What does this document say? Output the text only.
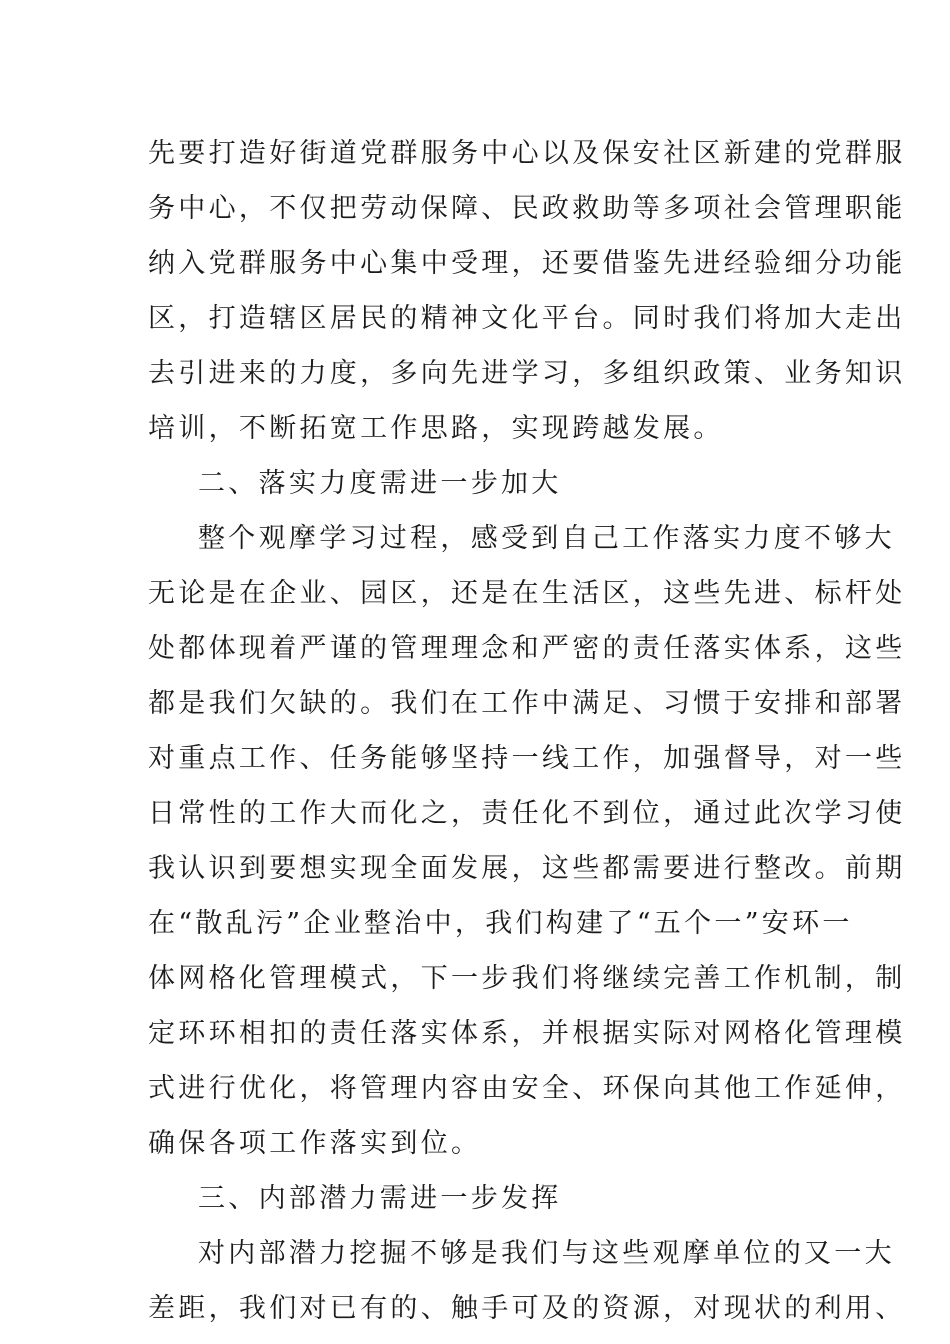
先要打造好街道党群服务中心以及保安社区新建的党群服
务中心，不仅把劳动保障、民政救助等多项社会管理职能
纳入党群服务中心集中受理，还要借鉴先进经验细分功能
区，打造辖区居民的精神文化平台。同时我们将加大走出
去引进来的力度，多向先进学习，多组织政策、业务知识
培训，不断拓宽工作思路，实现跨越发展。
二、落实力度需进一步加大
整个观摩学习过程，感受到自己工作落实力度不够大
无论是在企业、园区，还是在生活区，这些先进、标杆处
处都体现着严谨的管理理念和严密的责任落实体系，这些
都是我们欠缺的。我们在工作中满足、习惯于安排和部署
对重点工作、任务能够坚持一线工作，加强督导，对一些
日常性的工作大而化之，责任化不到位，通过此次学习使
我认识到要想实现全面发展，这些都需要进行整改。前期
在“散乱污”企业整治中，我们构建了“五个一”安环一
体网格化管理模式，下一步我们将继续完善工作机制，制
定环环相扣的责任落实体系，并根据实际对网格化管理模
式进行优化，将管理内容由安全、环保向其他工作延伸，
确保各项工作落实到位。
三、内部潜力需进一步发挥
对内部潜力挖掘不够是我们与这些观摩单位的又一大
差距，我们对已有的、触手可及的资源，对现状的利用、
